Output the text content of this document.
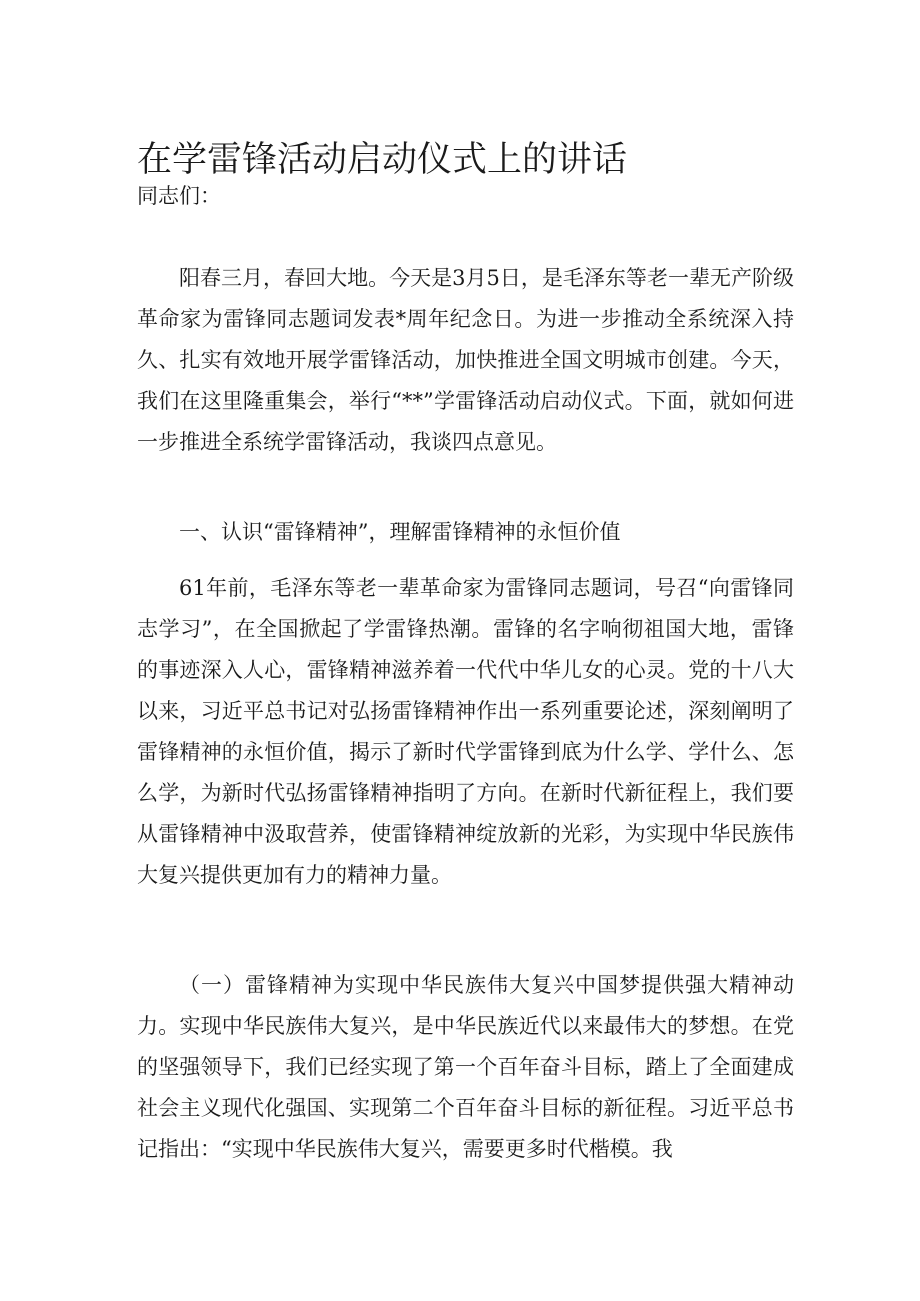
在学雷锋活动启动仪式上的讲话

同志们：

阳春三月，春回大地。今天是3月5日，是毛泽东等老一辈无产阶级革命家为雷锋同志题词发表*周年纪念日。为进一步推动全系统深入持久、扎实有效地开展学雷锋活动，加快推进全国文明城市创建。今天，我们在这里隆重集会，举行“**”学雷锋活动启动仪式。下面，就如何进一步推进全系统学雷锋活动，我谈四点意见。

一、认识“雷锋精神”，理解雷锋精神的永恒价值

61年前，毛泽东等老一辈革命家为雷锋同志题词，号召“向雷锋同志学习”，在全国掀起了学雷锋热潮。雷锋的名字响彻祖国大地，雷锋的事迹深入人心，雷锋精神滋养着一代代中华儿女的心灵。党的十八大以来，习近平总书记对弘扬雷锋精神作出一系列重要论述，深刻阐明了雷锋精神的永恒价值，揭示了新时代学雷锋到底为什么学、学什么、怎么学，为新时代弘扬雷锋精神指明了方向。在新时代新征程上，我们要从雷锋精神中汲取营养，使雷锋精神绽放新的光彩，为实现中华民族伟大复兴提供更加有力的精神力量。

（一）雷锋精神为实现中华民族伟大复兴中国梦提供强大精神动力。实现中华民族伟大复兴，是中华民族近代以来最伟大的梦想。在党的坚强领导下，我们已经实现了第一个百年奋斗目标，踏上了全面建成社会主义现代化强国、实现第二个百年奋斗目标的新征程。习近平总书记指出：“实现中华民族伟大复兴，需要更多时代楷模。我
